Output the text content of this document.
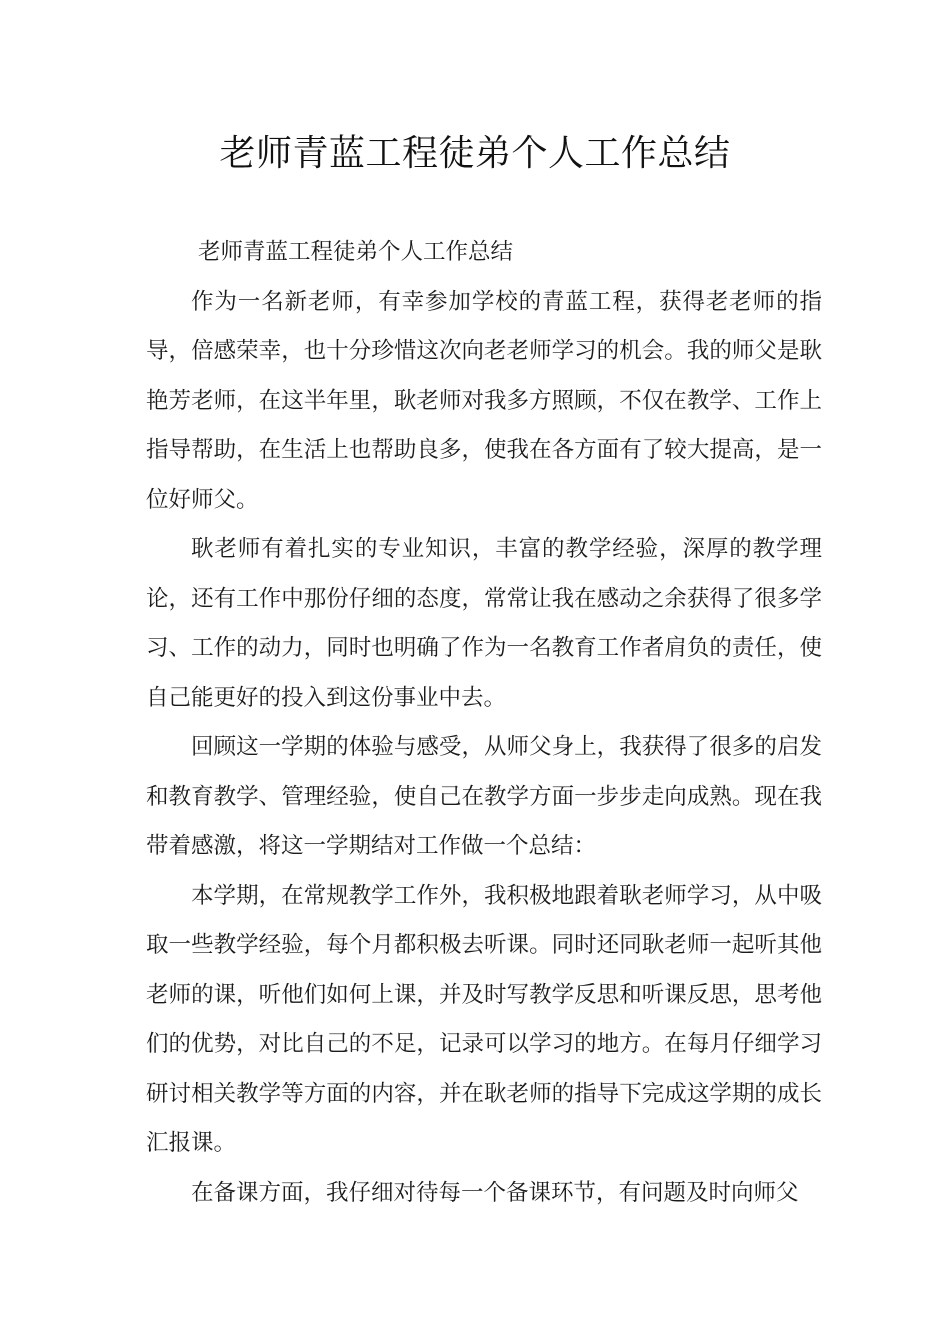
老师青蓝工程徒弟个人工作总结

老师青蓝工程徒弟个人工作总结

作为一名新老师，有幸参加学校的青蓝工程，获得老老师的指导，倍感荣幸，也十分珍惜这次向老老师学习的机会。我的师父是耿艳芳老师，在这半年里，耿老师对我多方照顾，不仅在教学、工作上指导帮助，在生活上也帮助良多，使我在各方面有了较大提高，是一位好师父。

耿老师有着扎实的专业知识，丰富的教学经验，深厚的教学理论，还有工作中那份仔细的态度，常常让我在感动之余获得了很多学习、工作的动力，同时也明确了作为一名教育工作者肩负的责任，使自己能更好的投入到这份事业中去。

回顾这一学期的体验与感受，从师父身上，我获得了很多的启发和教育教学、管理经验，使自己在教学方面一步步走向成熟。现在我带着感激，将这一学期结对工作做一个总结：

本学期，在常规教学工作外，我积极地跟着耿老师学习，从中吸取一些教学经验，每个月都积极去听课。同时还同耿老师一起听其他老师的课，听他们如何上课，并及时写教学反思和听课反思，思考他们的优势，对比自己的不足，记录可以学习的地方。在每月仔细学习研讨相关教学等方面的内容，并在耿老师的指导下完成这学期的成长汇报课。

在备课方面，我仔细对待每一个备课环节，有问题及时向师父
